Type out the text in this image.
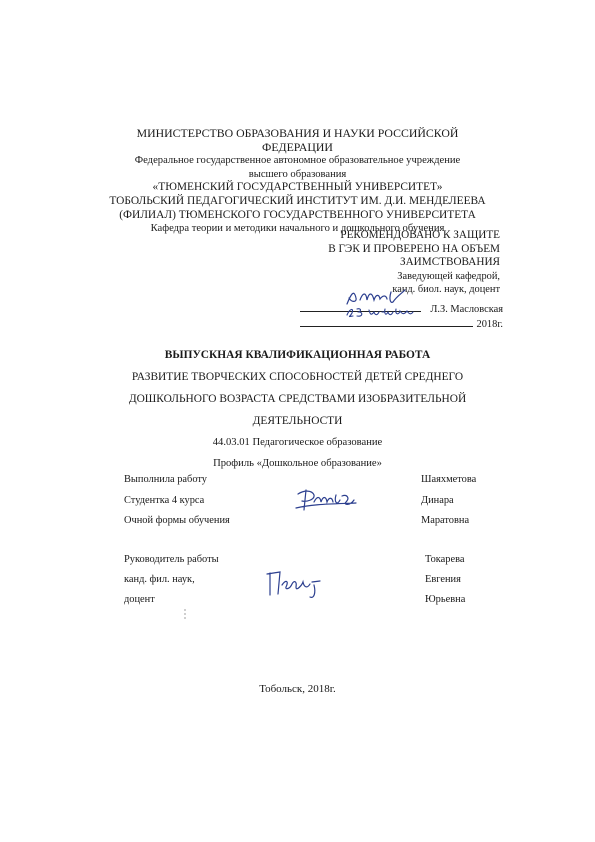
МИНИСТЕРСТВО ОБРАЗОВАНИЯ И НАУКИ РОССИЙСКОЙ
ФЕДЕРАЦИИ
Федеральное государственное автономное образовательное учреждение
высшего образования
«ТЮМЕНСКИЙ ГОСУДАРСТВЕННЫЙ УНИВЕРСИТЕТ»
ТОБОЛЬСКИЙ ПЕДАГОГИЧЕСКИЙ ИНСТИТУТ ИМ. Д.И. МЕНДЕЛЕЕВА
(ФИЛИАЛ) ТЮМЕНСКОГО ГОСУДАРСТВЕННОГО УНИВЕРСИТЕТА
Кафедра теории и методики начального и дошкольного обучения
РЕКОМЕНДОВАНО К ЗАЩИТЕ
В ГЭК И ПРОВЕРЕНО НА ОБЪЕМ
ЗАИМСТВОВАНИЯ
Заведующей кафедрой,
канд. биол. наук, доцент
Л.З. Масловская
2018г.
ВЫПУСКНАЯ КВАЛИФИКАЦИОННАЯ РАБОТА
РАЗВИТИЕ ТВОРЧЕСКИХ СПОСОБНОСТЕЙ ДЕТЕЙ СРЕДНЕГО
ДОШКОЛЬНОГО ВОЗРАСТА СРЕДСТВАМИ ИЗОБРАЗИТЕЛЬНОЙ
ДЕЯТЕЛЬНОСТИ
44.03.01 Педагогическое образование
Профиль «Дошкольное образование»
Выполнила работу
Студентка 4 курса
Очной формы обучения
Шаяхметова
Динара
Маратовна
Руководитель работы
канд. фил. наук,
доцент
Токарева
Евгения
Юрьевна
Тобольск, 2018г.
